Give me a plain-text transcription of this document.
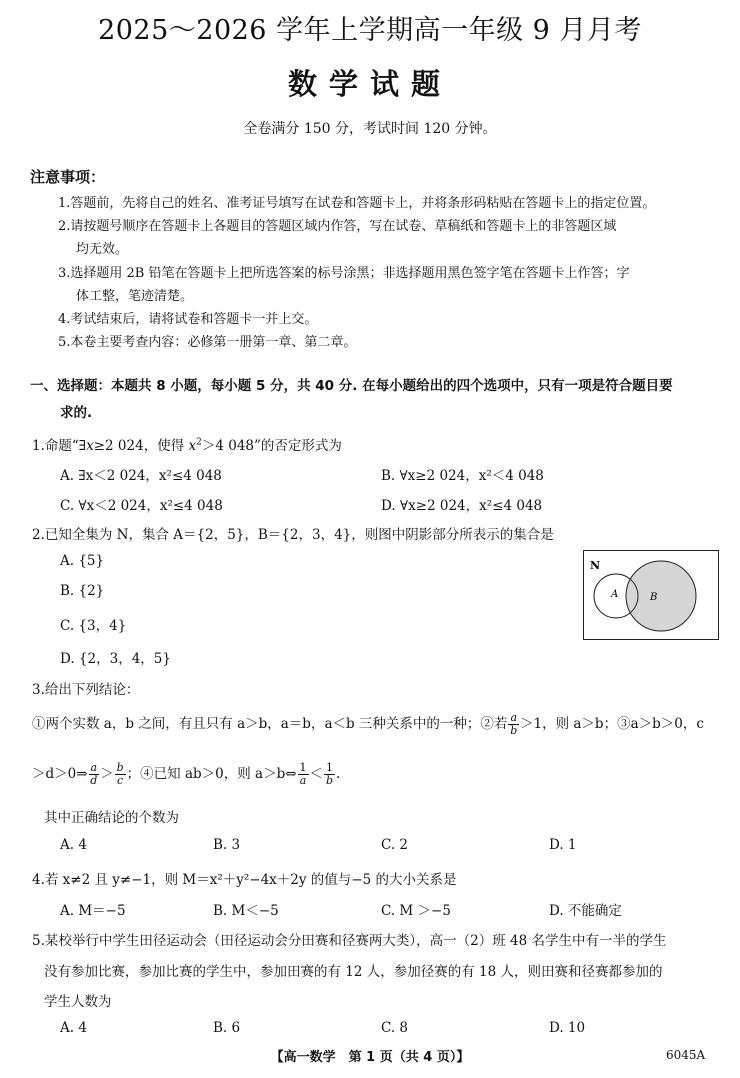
2025～2026 学年上学期高一年级 9 月月考
数学试题
全卷满分 150 分，考试时间 120 分钟。
注意事项：
1.答题前，先将自己的姓名、准考证号填写在试卷和答题卡上，并将条形码粘贴在答题卡上的指定位置。
2.请按题号顺序在答题卡上各题目的答题区域内作答，写在试卷、草稿纸和答题卡上的非答题区域
均无效。
3.选择题用 2B 铅笔在答题卡上把所选答案的标号涂黑；非选择题用黑色签字笔在答题卡上作答；字
体工整，笔迹清楚。
4.考试结束后，请将试卷和答题卡一并上交。
5.本卷主要考查内容：必修第一册第一章、第二章。
一、选择题：本题共 8 小题，每小题 5 分，共 40 分. 在每小题给出的四个选项中，只有一项是符合题目要
求的.
1.命题“∃x≥2 024，使得 $x^2>4$ 048”的否定形式为
A. ∃x＜2 024，x²≤4 048	B. ∀x≥2 024，x²＜4 048
C. ∀x＜2 024，x²≤4 048	D. ∀x≥2 024，x²≤4 048
2.已知全集为 N，集合 A＝{2，5}，B＝{2，3，4}，则图中阴影部分所表示的集合是
A. {5}
B. {2}
C. {3，4}
D. {2，3，4，5}
N
A	B
3.给出下列结论：
①两个实数 a，b 之间，有且只有 a＞b，a＝b，a＜b 三种关系中的一种；②若 $\frac{a}{b} >1$，则 a＞b；③a＞b＞0，c
＞d＞0⇒ $\frac{a}{d} > \frac{b}{c}$ ；④已知 ab＞0，则 a＞b⇔ $\frac{1}{a} < \frac{1}{b}$ .
其中正确结论的个数为
A. 4	B. 3	C. 2	D. 1
4.若 x≠2 且 y≠−1，则 M＝x²＋y²−4x＋2y 的值与−5 的大小关系是
A. M＝−5	B. M＜−5	C. M ＞−5	D. 不能确定
5.某校举行中学生田径运动会（田径运动会分田赛和径赛两大类），高一（2）班 48 名学生中有一半的学生
没有参加比赛，参加比赛的学生中，参加田赛的有 12 人，参加径赛的有 18 人，则田赛和径赛都参加的
学生人数为
A. 4	B. 6	C. 8	D. 10
【高一数学　第 1 页（共 4 页）】	6045A
